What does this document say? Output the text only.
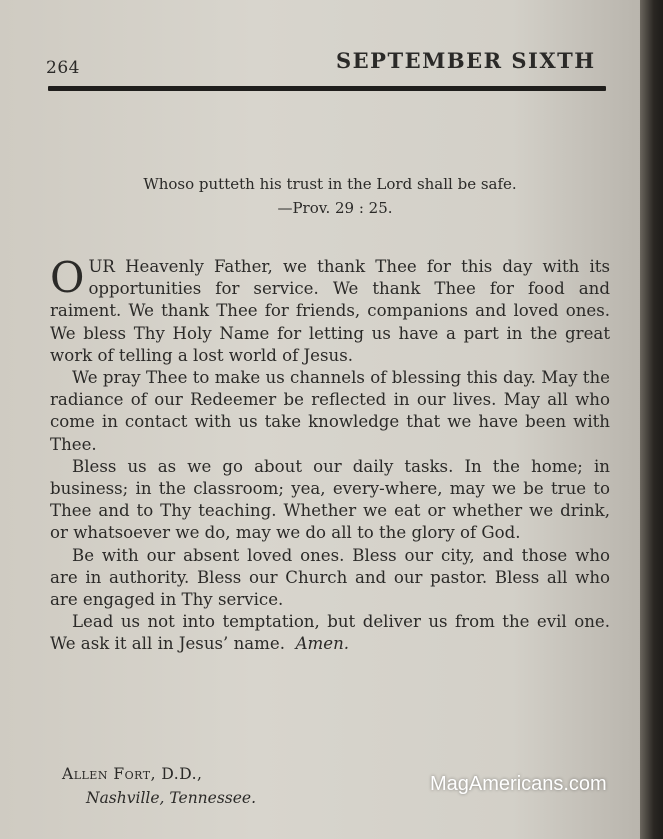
264	SEPTEMBER SIXTH
Whoso putteth his trust in the Lord shall be safe.
—Prov. 29 : 25.

OUR Heavenly Father, we thank Thee for this day with its opportunities for service. We thank Thee for food and raiment. We thank Thee for friends, companions and loved ones. We bless Thy Holy Name for letting us have a part in the great work of telling a lost world of Jesus.

We pray Thee to make us channels of blessing this day. May the radiance of our Redeemer be reflected in our lives. May all who come in contact with us take knowledge that we have been with Thee.

Bless us as we go about our daily tasks. In the home; in business; in the classroom; yea, every-where, may we be true to Thee and to Thy teaching. Whether we eat or whether we drink, or whatsoever we do, may we do all to the glory of God.

Be with our absent loved ones. Bless our city, and those who are in authority. Bless our Church and our pastor. Bless all who are engaged in Thy service.

Lead us not into temptation, but deliver us from the evil one. We ask it all in Jesus’ name. Amen.

Allen Fort, D.D.,
Nashville, Tennessee.
MagAmericans.com
